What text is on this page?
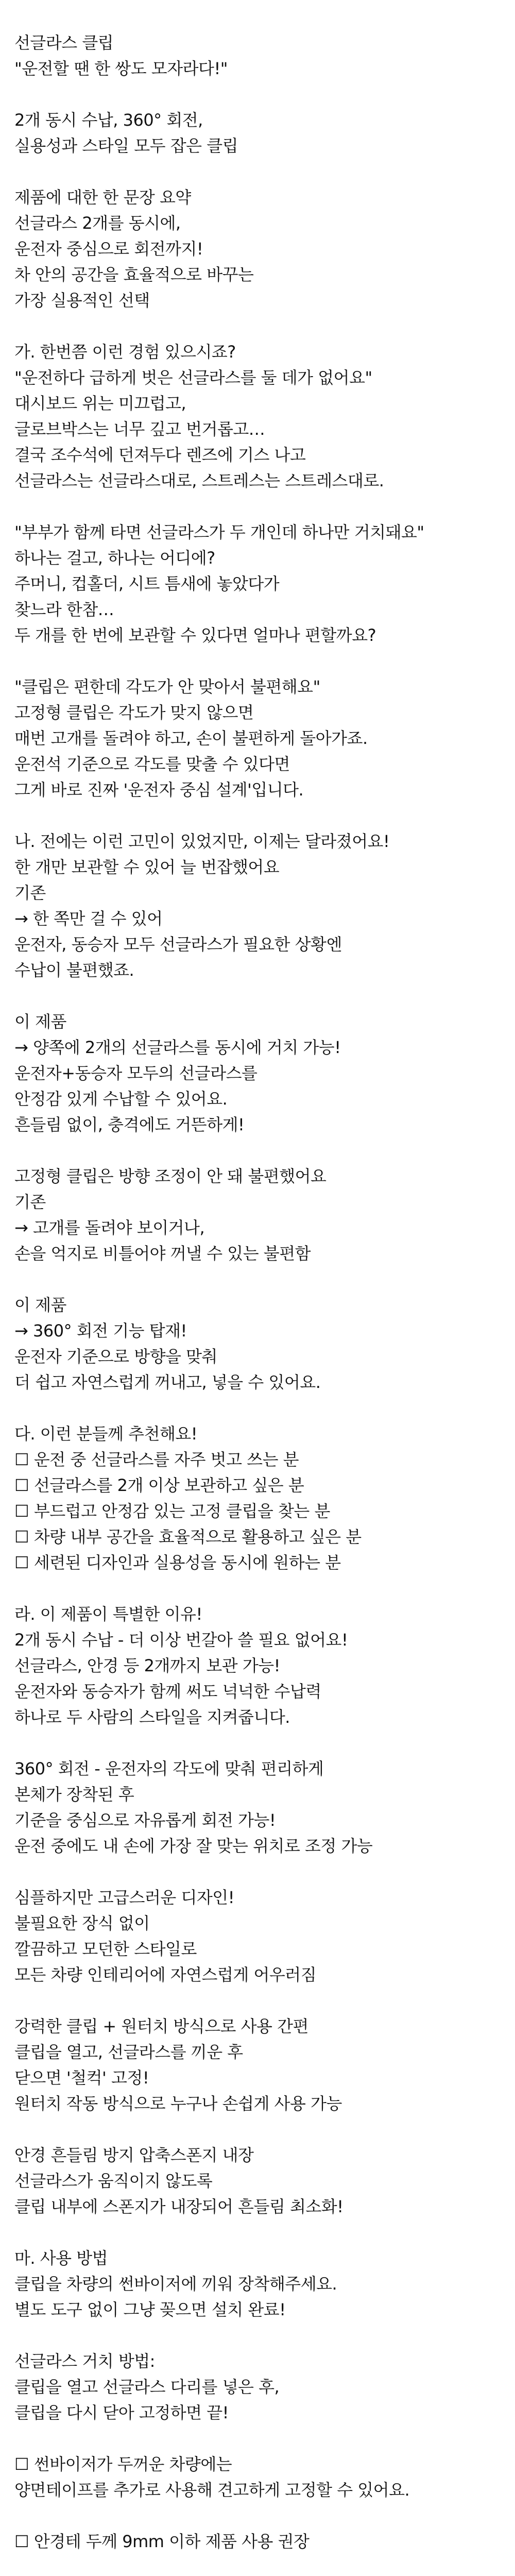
선글라스 클립
"운전할 땐 한 쌍도 모자라다!"
2개 동시 수납, 360° 회전,
실용성과 스타일 모두 잡은 클립
제품에 대한 한 문장 요약
선글라스 2개를 동시에,
운전자 중심으로 회전까지!
차 안의 공간을 효율적으로 바꾸는
가장 실용적인 선택
가. 한번쯤 이런 경험 있으시죠?
"운전하다 급하게 벗은 선글라스를 둘 데가 없어요"
대시보드 위는 미끄럽고,
글로브박스는 너무 깊고 번거롭고…
결국 조수석에 던져두다 렌즈에 기스 나고
선글라스는 선글라스대로, 스트레스는 스트레스대로.
"부부가 함께 타면 선글라스가 두 개인데 하나만 거치돼요"
하나는 걸고, 하나는 어디에?
주머니, 컵홀더, 시트 틈새에 놓았다가
찾느라 한참…
두 개를 한 번에 보관할 수 있다면 얼마나 편할까요?
"클립은 편한데 각도가 안 맞아서 불편해요"
고정형 클립은 각도가 맞지 않으면
매번 고개를 돌려야 하고, 손이 불편하게 돌아가죠.
운전석 기준으로 각도를 맞출 수 있다면
그게 바로 진짜 '운전자 중심 설계'입니다.
나. 전에는 이런 고민이 있었지만, 이제는 달라졌어요!
한 개만 보관할 수 있어 늘 번잡했어요
기존
→ 한 쪽만 걸 수 있어
운전자, 동승자 모두 선글라스가 필요한 상황엔
수납이 불편했죠.
이 제품
→ 양쪽에 2개의 선글라스를 동시에 거치 가능!
운전자+동승자 모두의 선글라스를
안정감 있게 수납할 수 있어요.
흔들림 없이, 충격에도 거뜬하게!
고정형 클립은 방향 조정이 안 돼 불편했어요
기존
→ 고개를 돌려야 보이거나,
손을 억지로 비틀어야 꺼낼 수 있는 불편함
이 제품
→ 360° 회전 기능 탑재!
운전자 기준으로 방향을 맞춰
더 쉽고 자연스럽게 꺼내고, 넣을 수 있어요.
다. 이런 분들께 추천해요!
☐ 운전 중 선글라스를 자주 벗고 쓰는 분
☐ 선글라스를 2개 이상 보관하고 싶은 분
☐ 부드럽고 안정감 있는 고정 클립을 찾는 분
☐ 차량 내부 공간을 효율적으로 활용하고 싶은 분
☐ 세련된 디자인과 실용성을 동시에 원하는 분
라. 이 제품이 특별한 이유!
2개 동시 수납 - 더 이상 번갈아 쓸 필요 없어요!
선글라스, 안경 등 2개까지 보관 가능!
운전자와 동승자가 함께 써도 넉넉한 수납력
하나로 두 사람의 스타일을 지켜줍니다.
360° 회전 - 운전자의 각도에 맞춰 편리하게
본체가 장착된 후
기준을 중심으로 자유롭게 회전 가능!
운전 중에도 내 손에 가장 잘 맞는 위치로 조정 가능
심플하지만 고급스러운 디자인!
불필요한 장식 없이
깔끔하고 모던한 스타일로
모든 차량 인테리어에 자연스럽게 어우러짐
강력한 클립 + 원터치 방식으로 사용 간편
클립을 열고, 선글라스를 끼운 후
닫으면 '철컥' 고정!
원터치 작동 방식으로 누구나 손쉽게 사용 가능
안경 흔들림 방지 압축스폰지 내장
선글라스가 움직이지 않도록
클립 내부에 스폰지가 내장되어 흔들림 최소화!
마. 사용 방법
클립을 차량의 썬바이저에 끼워 장착해주세요.
별도 도구 없이 그냥 꽂으면 설치 완료!
선글라스 거치 방법:
클립을 열고 선글라스 다리를 넣은 후,
클립을 다시 닫아 고정하면 끝!
☐ 썬바이저가 두꺼운 차량에는
양면테이프를 추가로 사용해 견고하게 고정할 수 있어요.
☐ 안경테 두께 9mm 이하 제품 사용 권장
